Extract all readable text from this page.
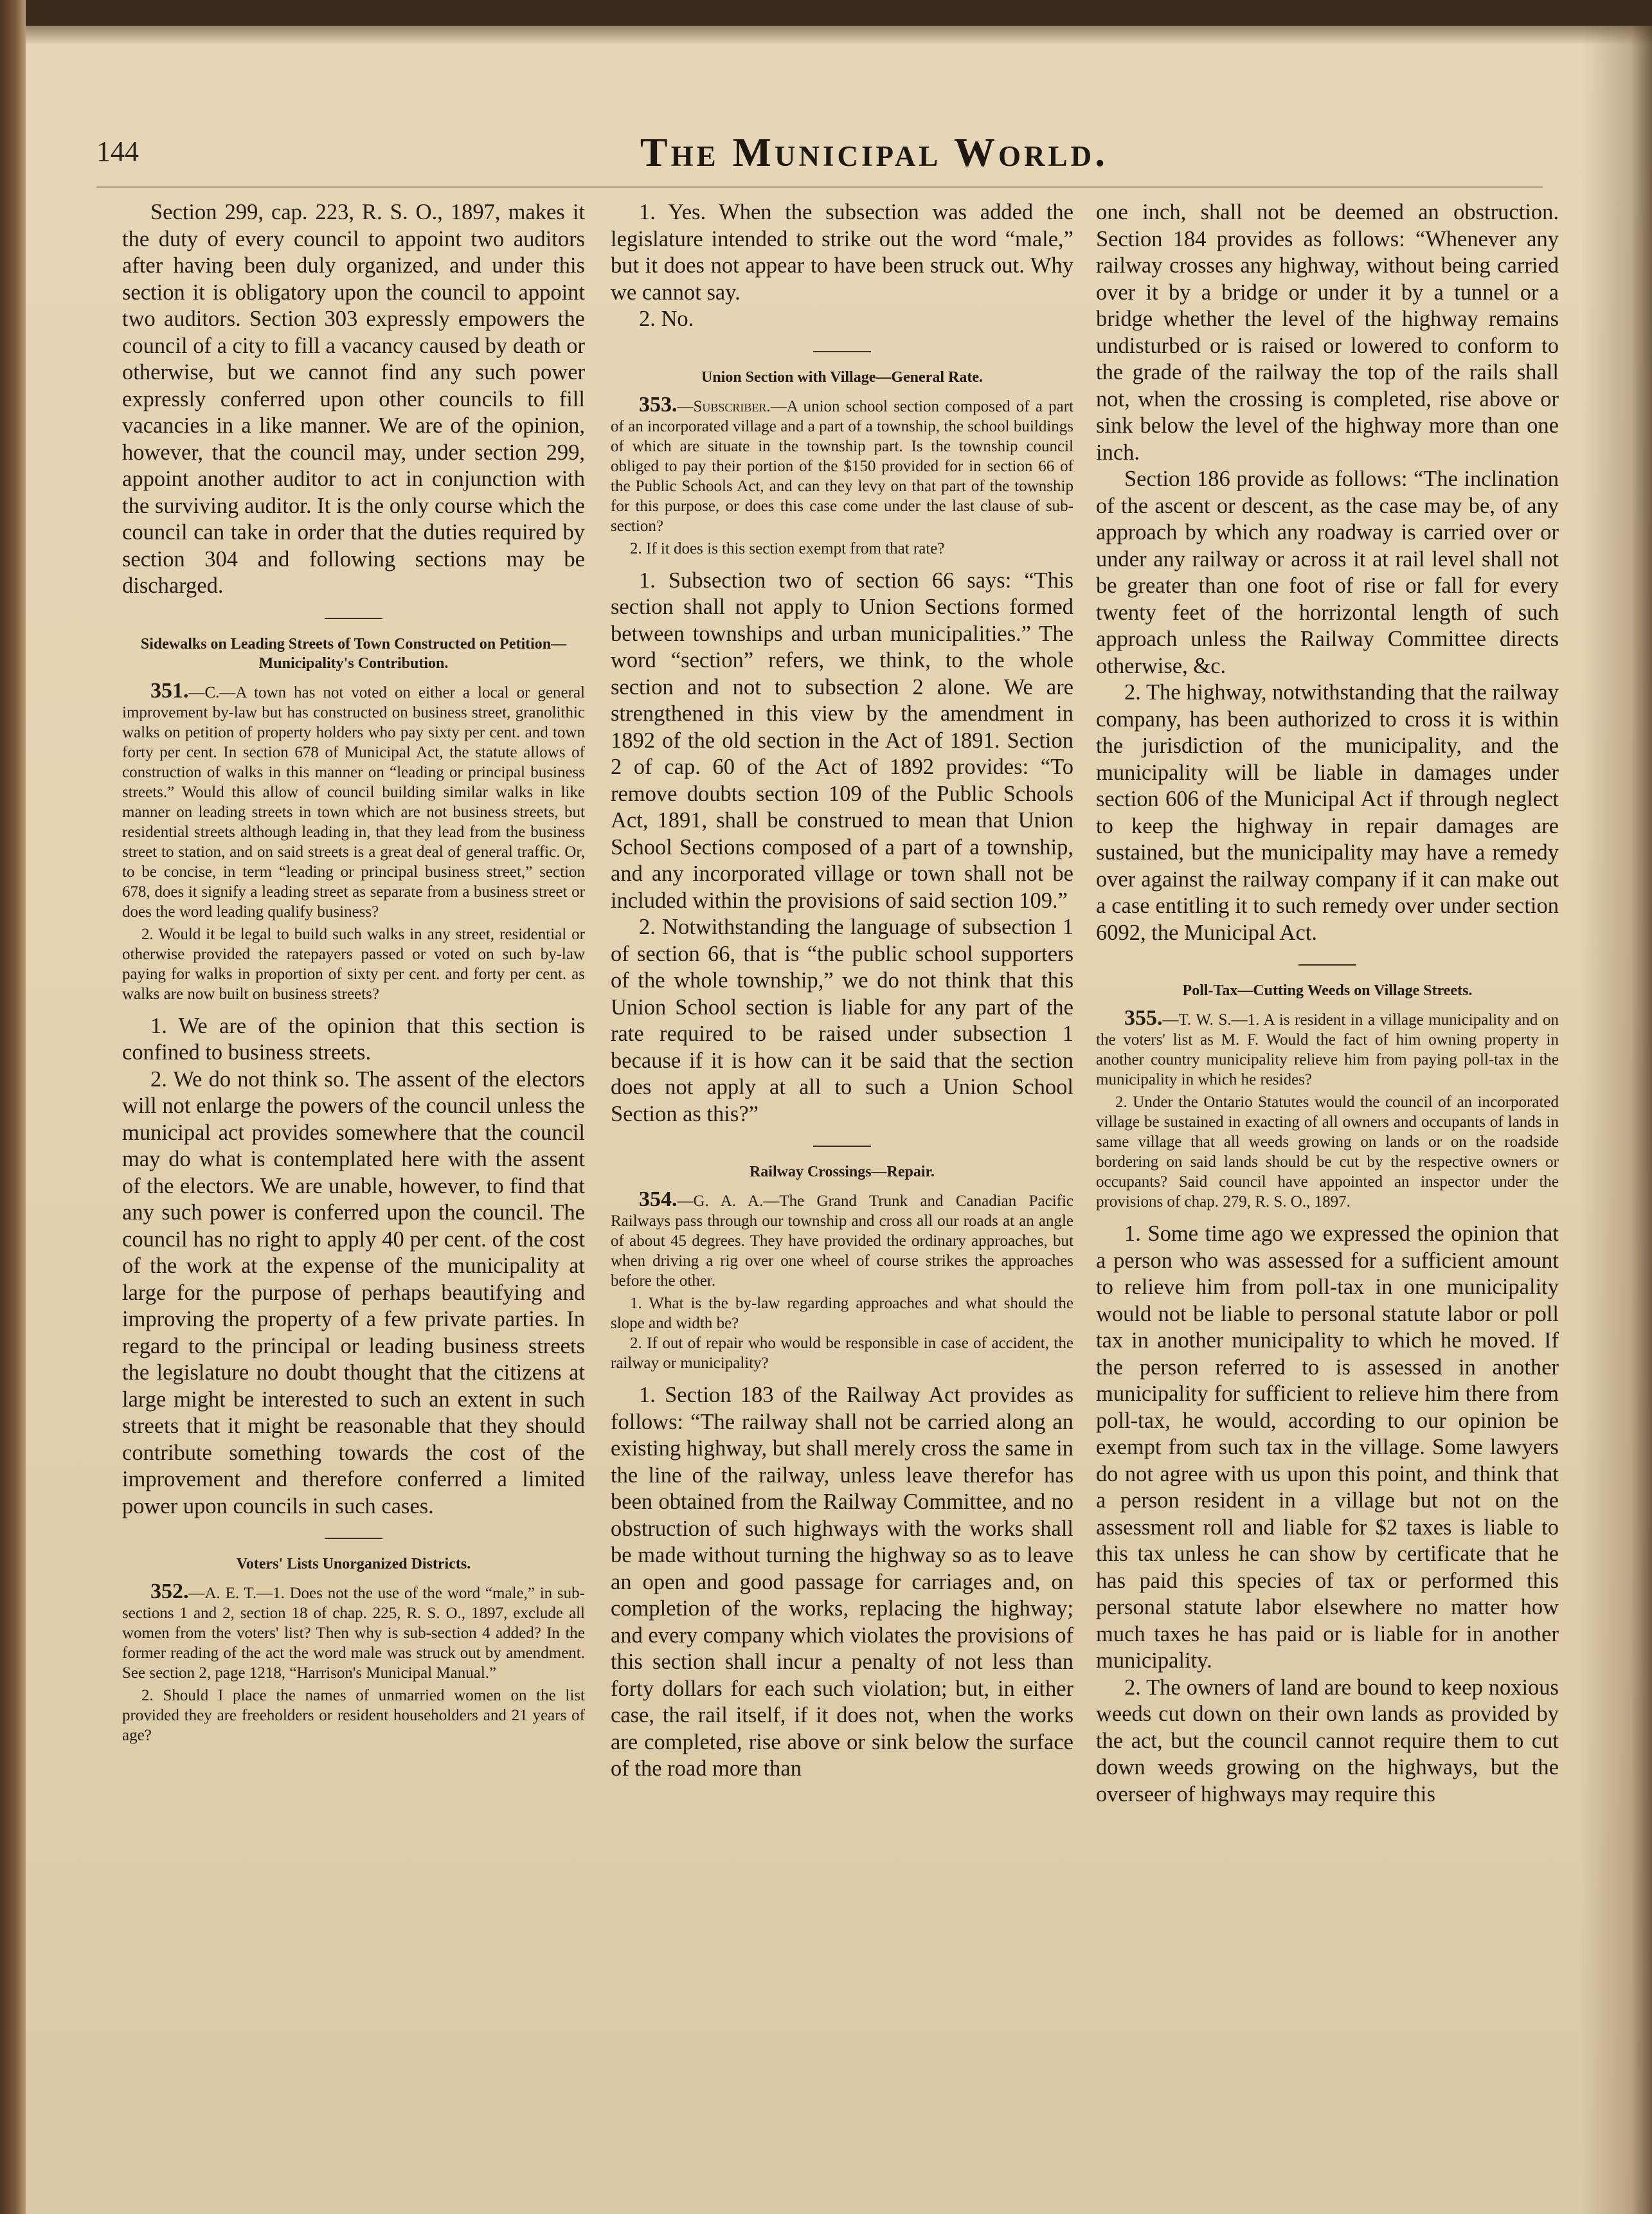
144	The Municipal World.

Section 299, cap. 223, R. S. O., 1897, makes it the duty of every council to appoint two auditors after having been duly organized, and under this section it is obligatory upon the council to appoint two auditors. Section 303 expressly empowers the council of a city to fill a vacancy caused by death or otherwise, but we cannot find any such power expressly conferred upon other councils to fill vacancies in a like manner. We are of the opinion, however, that the council may, under section 299, appoint another auditor to act in conjunction with the surviving auditor. It is the only course which the council can take in order that the duties required by section 304 and following sections may be discharged.

Sidewalks on Leading Streets of Town Constructed on Petition—Municipality's Contribution.

351.—C.—A town has not voted on either a local or general improvement by-law but has constructed on business street, granolithic walks on petition of property holders who pay sixty per cent. and town forty per cent. In section 678 of Municipal Act, the statute allows of construction of walks in this manner on “leading or principal business streets.” Would this allow of council building similar walks in like manner on leading streets in town which are not business streets, but residential streets although leading in, that they lead from the business street to station, and on said streets is a great deal of general traffic. Or, to be concise, in term “leading or principal business street,” section 678, does it signify a leading street as separate from a business street or does the word leading qualify business?

2. Would it be legal to build such walks in any street, residential or otherwise provided the ratepayers passed or voted on such by-law paying for walks in proportion of sixty per cent. and forty per cent. as walks are now built on business streets?

1. We are of the opinion that this section is confined to business streets.

2. We do not think so. The assent of the electors will not enlarge the powers of the council unless the municipal act provides somewhere that the council may do what is contemplated here with the assent of the electors. We are unable, however, to find that any such power is conferred upon the council. The council has no right to apply 40 per cent. of the cost of the work at the expense of the municipality at large for the purpose of perhaps beautifying and improving the property of a few private parties. In regard to the principal or leading business streets the legislature no doubt thought that the citizens at large might be interested to such an extent in such streets that it might be reasonable that they should contribute something towards the cost of the improvement and therefore conferred a limited power upon councils in such cases.

Voters' Lists Unorganized Districts.

352.—A. E. T.—1. Does not the use of the word “male,” in sub-sections 1 and 2, section 18 of chap. 225, R. S. O., 1897, exclude all women from the voters' list? Then why is sub-section 4 added? In the former reading of the act the word male was struck out by amendment. See section 2, page 1218, “Harrison's Municipal Manual.”

2. Should I place the names of unmarried women on the list provided they are freeholders or resident householders and 21 years of age?

1. Yes. When the subsection was added the legislature intended to strike out the word “male,” but it does not appear to have been struck out. Why we cannot say.

2. No.

Union Section with Village—General Rate.

353.—Subscriber.—A union school section composed of a part of an incorporated village and a part of a township, the school buildings of which are situate in the township part. Is the township council obliged to pay their portion of the $150 provided for in section 66 of the Public Schools Act, and can they levy on that part of the township for this purpose, or does this case come under the last clause of sub-section?

2. If it does is this section exempt from that rate?

1. Subsection two of section 66 says: “This section shall not apply to Union Sections formed between townships and urban municipalities.” The word “section” refers, we think, to the whole section and not to subsection 2 alone. We are strengthened in this view by the amendment in 1892 of the old section in the Act of 1891. Section 2 of cap. 60 of the Act of 1892 provides: “To remove doubts section 109 of the Public Schools Act, 1891, shall be construed to mean that Union School Sections composed of a part of a township, and any incorporated village or town shall not be included within the provisions of said section 109.”

2. Notwithstanding the language of subsection 1 of section 66, that is “the public school supporters of the whole township,” we do not think that this Union School section is liable for any part of the rate required to be raised under subsection 1 because if it is how can it be said that the section does not apply at all to such a Union School Section as this?”

Railway Crossings—Repair.

354.—G. A. A.—The Grand Trunk and Canadian Pacific Railways pass through our township and cross all our roads at an angle of about 45 degrees. They have provided the ordinary approaches, but when driving a rig over one wheel of course strikes the approaches before the other.

1. What is the by-law regarding approaches and what should the slope and width be?

2. If out of repair who would be responsible in case of accident, the railway or municipality?

1. Section 183 of the Railway Act provides as follows: “The railway shall not be carried along an existing highway, but shall merely cross the same in the line of the railway, unless leave therefor has been obtained from the Railway Committee, and no obstruction of such highways with the works shall be made without turning the highway so as to leave an open and good passage for carriages and, on completion of the works, replacing the highway; and every company which violates the provisions of this section shall incur a penalty of not less than forty dollars for each such violation; but, in either case, the rail itself, if it does not, when the works are completed, rise above or sink below the surface of the road more than

one inch, shall not be deemed an obstruction. Section 184 provides as follows: “Whenever any railway crosses any highway, without being carried over it by a bridge or under it by a tunnel or a bridge whether the level of the highway remains undisturbed or is raised or lowered to conform to the grade of the railway the top of the rails shall not, when the crossing is completed, rise above or sink below the level of the highway more than one inch.

Section 186 provide as follows: “The inclination of the ascent or descent, as the case may be, of any approach by which any roadway is carried over or under any railway or across it at rail level shall not be greater than one foot of rise or fall for every twenty feet of the horrizontal length of such approach unless the Railway Committee directs otherwise, &c.

2. The highway, notwithstanding that the railway company, has been authorized to cross it is within the jurisdiction of the municipality, and the municipality will be liable in damages under section 606 of the Municipal Act if through neglect to keep the highway in repair damages are sustained, but the municipality may have a remedy over against the railway company if it can make out a case entitling it to such remedy over under section 6092, the Municipal Act.

Poll-Tax—Cutting Weeds on Village Streets.

355.—T. W. S.—1. A is resident in a village municipality and on the voters' list as M. F. Would the fact of him owning property in another country municipality relieve him from paying poll-tax in the municipality in which he resides?

2. Under the Ontario Statutes would the council of an incorporated village be sustained in exacting of all owners and occupants of lands in same village that all weeds growing on lands or on the roadside bordering on said lands should be cut by the respective owners or occupants? Said council have appointed an inspector under the provisions of chap. 279, R. S. O., 1897.

1. Some time ago we expressed the opinion that a person who was assessed for a sufficient amount to relieve him from poll-tax in one municipality would not be liable to personal statute labor or poll tax in another municipality to which he moved. If the person referred to is assessed in another municipality for sufficient to relieve him there from poll-tax, he would, according to our opinion be exempt from such tax in the village. Some lawyers do not agree with us upon this point, and think that a person resident in a village but not on the assessment roll and liable for $2 taxes is liable to this tax unless he can show by certificate that he has paid this species of tax or performed this personal statute labor elsewhere no matter how much taxes he has paid or is liable for in another municipality.

2. The owners of land are bound to keep noxious weeds cut down on their own lands as provided by the act, but the council cannot require them to cut down weeds growing on the highways, but the overseer of highways may require this
